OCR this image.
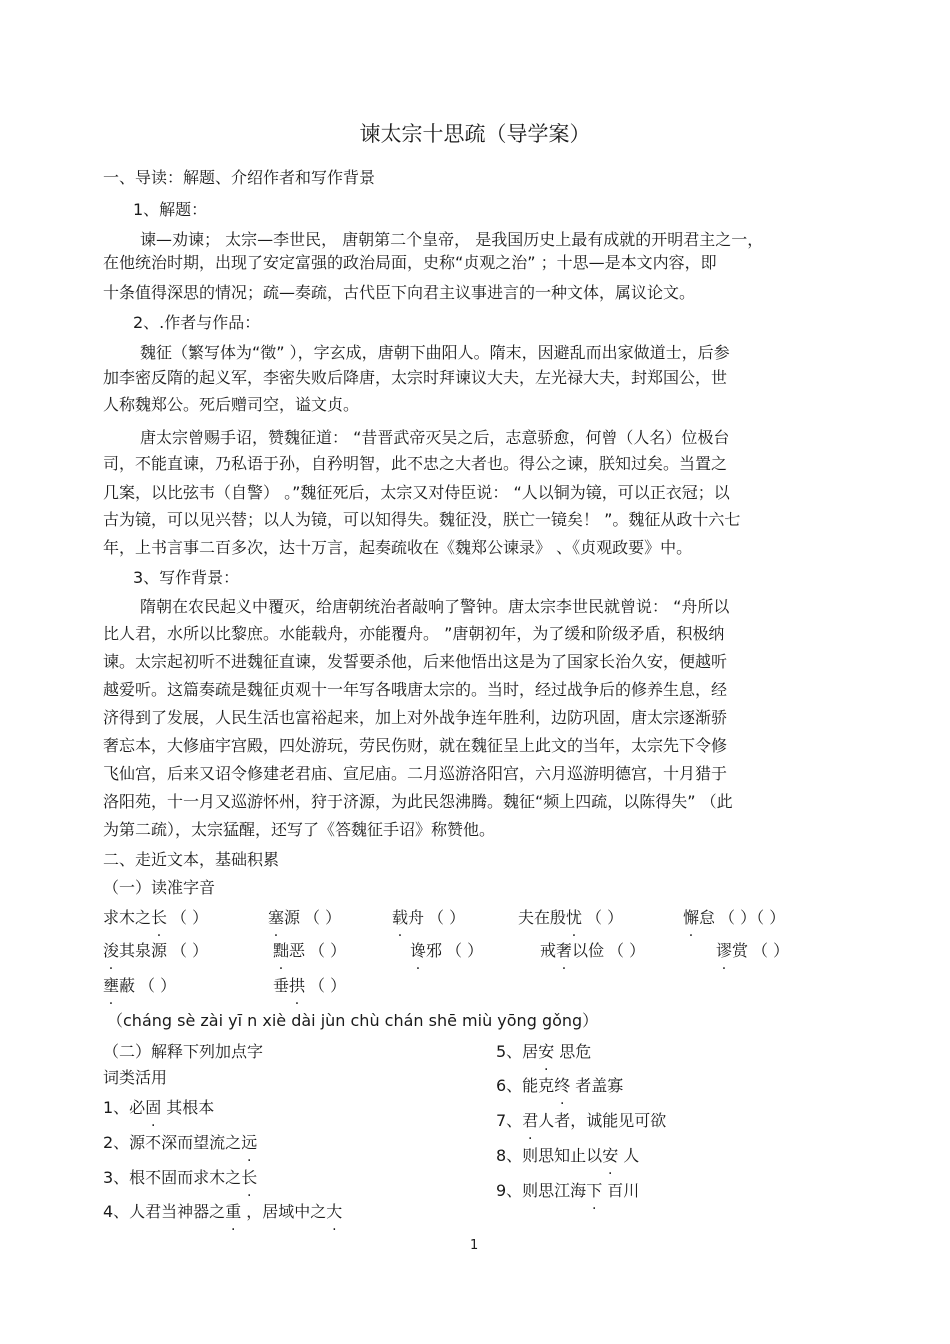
谏太宗十思疏（导学案）
一、导读：解题、介绍作者和写作背景
1、解题：
谏—劝谏； 太宗—李世民， 唐朝第二个皇帝， 是我国历史上最有成就的开明君主之一，
在他统治时期，出现了安定富强的政治局面，史称“贞观之治” ；十思—是本文内容，即
十条值得深思的情况；疏—奏疏，古代臣下向君主议事进言的一种文体，属议论文。
2、.作者与作品：
魏征（繁写体为“徵” ），字玄成，唐朝下曲阳人。隋末，因避乱而出家做道士，后参
加李密反隋的起义军，李密失败后降唐，太宗时拜谏议大夫，左光禄大夫，封郑国公，世
人称魏郑公。死后赠司空，谥文贞。
唐太宗曾赐手诏，赞魏征道： “昔晋武帝灭吴之后，志意骄愈，何曾（人名）位极台
司，不能直谏，乃私语于孙，自矜明智，此不忠之大者也。得公之谏，朕知过矣。当置之
几案，以比弦韦（自警） 。”魏征死后，太宗又对侍臣说： “人以铜为镜，可以正衣冠；以
古为镜，可以见兴替；以人为镜，可以知得失。魏征没，朕亡一镜矣！ ”。魏征从政十六七
年，上书言事二百多次，达十万言，起奏疏收在《魏郑公谏录》 、《贞观政要》中。
3、写作背景：
隋朝在农民起义中覆灭，给唐朝统治者敲响了警钟。唐太宗李世民就曾说： “舟所以
比人君，水所以比黎庶。水能载舟，亦能覆舟。 ”唐朝初年，为了缓和阶级矛盾，积极纳
谏。太宗起初听不进魏征直谏，发誓要杀他，后来他悟出这是为了国家长治久安，便越听
越爱听。这篇奏疏是魏征贞观十一年写各哦唐太宗的。当时，经过战争后的修养生息，经
济得到了发展，人民生活也富裕起来，加上对外战争连年胜利，边防巩固，唐太宗逐渐骄
奢忘本，大修庙宇宫殿，四处游玩，劳民伤财，就在魏征呈上此文的当年，太宗先下令修
飞仙宫，后来又诏令修建老君庙、宣尼庙。二月巡游洛阳宫，六月巡游明德宫，十月猎于
洛阳苑，十一月又巡游怀州，狩于济源，为此民怨沸腾。魏征“频上四疏，以陈得失” （此
为第二疏），太宗猛醒，还写了《答魏征手诏》称赞他。
二、走近文本，基础积累
（一）读准字音
求木之长 （ ）	塞源 （ ）	载舟 （ ）	夫在殷忧 （ ）	懈怠 （ ）（ ）
浚其泉源 （ ）	黜恶 （ ）	谗邪 （ ）	戒奢以俭 （ ）	谬赏 （ ）
壅蔽 （ ）	垂拱 （ ）
（cháng sè zài yī n xiè dài jùn chù chán shē miù yōng gǒng）
（二）解释下列加点字
词类活用
1、必固 其根本
2、源不深而望流之远
3、根不固而求木之长
4、人君当神器之重 ，居域中之大
5、居安 思危
6、能克终 者盖寡
7、君人者，诚能见可欲
8、则思知止以安 人
9、则思江海下 百川
1
